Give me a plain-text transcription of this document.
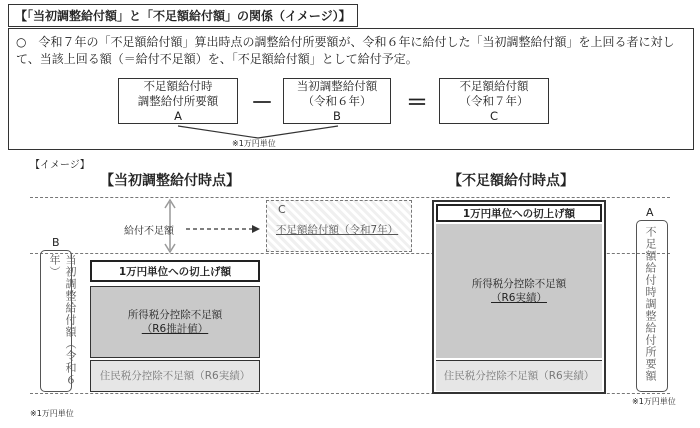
【「当初調整給付額」と「不足額給付額」の関係（イメージ）】
○　令和７年の「不足額給付額」算出時点の調整給付所要額が、令和６年に給付した「当初調整給付額」を上回る者に対して、当該上回る額（＝給付不足額）を、「不足額給付額」として給付予定。
不足額給付時
調整給付所要額
A	－
当初調整給付額
（令和６年）
B	＝
不足額給付額
（令和７年）
C
※1万円単位
【イメージ】
【当初調整給付時点】	【不足額給付時点】
B
当初調整給付額（令和６年）
給付不足額
C
不足額給付額（令和7年）
1万円単位への切上げ額
所得税分控除不足額
（R6推計値）
住民税分控除不足額（R6実績）
1万円単位への切上げ額
所得税分控除不足額
（R6実績）
住民税分控除不足額（R6実績）
A
不足額給付時調整給付所要額
※1万円単位
※1万円単位
